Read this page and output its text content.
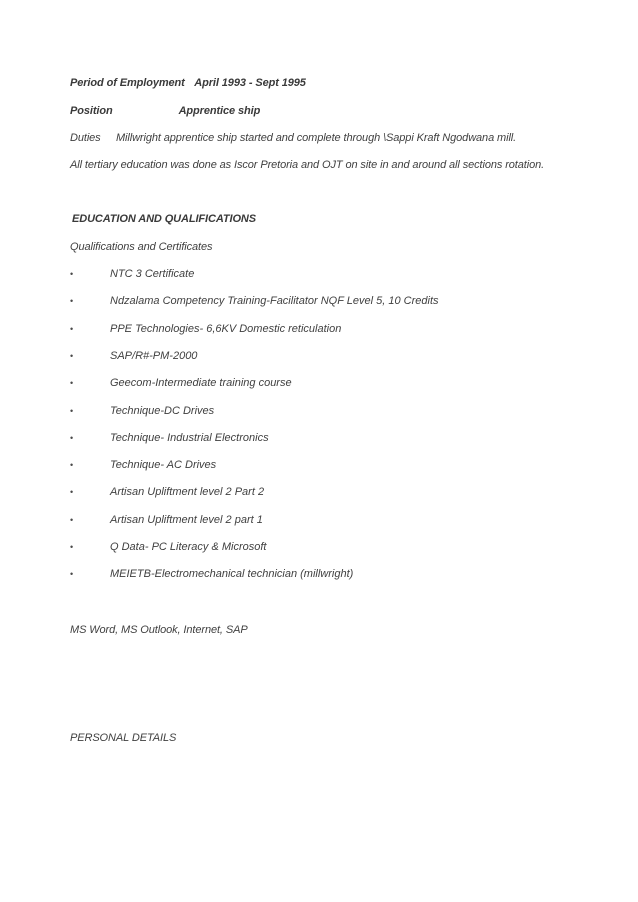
Period of Employment April 1993 - Sept 1995
Position	Apprentice ship
Duties Millwright apprentice ship started and complete through \Sappi Kraft Ngodwana mill.
All tertiary education was done as Iscor Pretoria and OJT on site in and around all sections rotation.
EDUCATION AND QUALIFICATIONS
Qualifications and Certificates
•	NTC 3 Certificate
•	Ndzalama Competency Training-Facilitator NQF Level 5, 10 Credits
•	PPE Technologies- 6,6KV Domestic reticulation
•	SAP/R#-PM-2000
•	Geecom-Intermediate training course
•	Technique-DC Drives
•	Technique- Industrial Electronics
•	Technique- AC Drives
•	Artisan Upliftment level 2 Part 2
•	Artisan Upliftment level 2 part 1
•	Q Data- PC Literacy & Microsoft
•	MEIETB-Electromechanical technician (millwright)
MS Word, MS Outlook, Internet, SAP
PERSONAL DETAILS
